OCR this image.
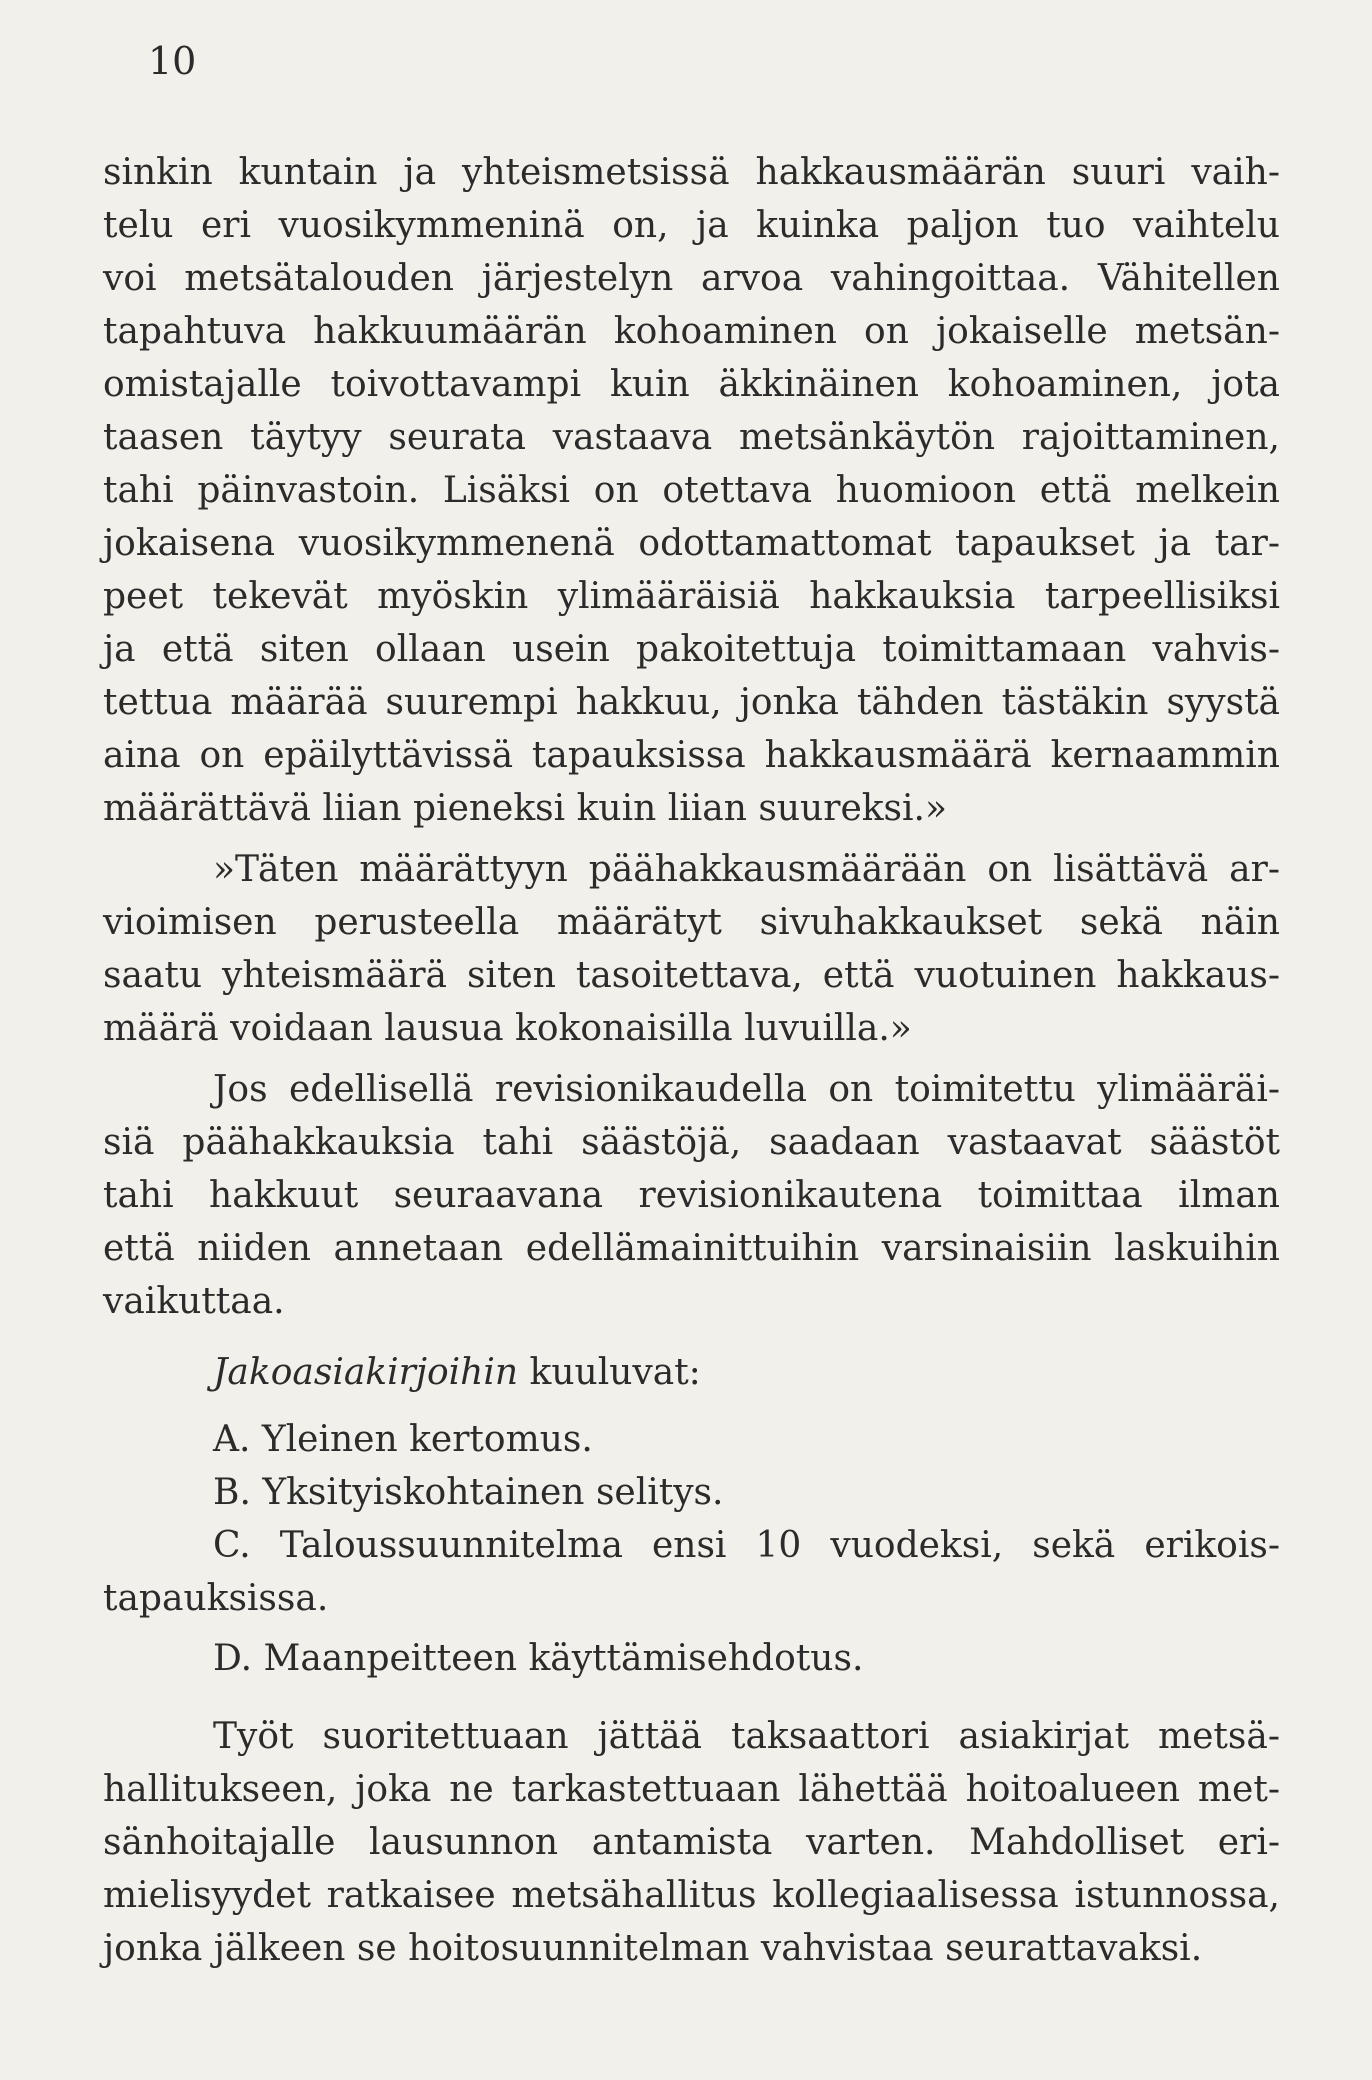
10
sinkin kuntain ja yhteismetsissä hakkausmäärän suuri vaih-
telu eri vuosikymmeninä on, ja kuinka paljon tuo vaihtelu
voi metsätalouden järjestelyn arvoa vahingoittaa. Vähitellen
tapahtuva hakkuumäärän kohoaminen on jokaiselle metsän-
omistajalle toivottavampi kuin äkkinäinen kohoaminen, jota
taasen täytyy seurata vastaava metsänkäytön rajoittaminen,
tahi päinvastoin. Lisäksi on otettava huomioon että melkein
jokaisena vuosikymmenenä odottamattomat tapaukset ja tar-
peet tekevät myöskin ylimääräisiä hakkauksia tarpeellisiksi
ja että siten ollaan usein pakoitettuja toimittamaan vahvis-
tettua määrää suurempi hakkuu, jonka tähden tästäkin syystä
aina on epäilyttävissä tapauksissa hakkausmäärä kernaammin
määrättävä liian pieneksi kuin liian suureksi.»
»Täten määrättyyn päähakkausmäärään on lisättävä ar-
vioimisen perusteella määrätyt sivuhakkaukset sekä näin
saatu yhteismäärä siten tasoitettava, että vuotuinen hakkaus-
määrä voidaan lausua kokonaisilla luvuilla.»
Jos edellisellä revisionikaudella on toimitettu ylimääräi-
siä päähakkauksia tahi säästöjä, saadaan vastaavat säästöt
tahi hakkuut seuraavana revisionikautena toimittaa ilman
että niiden annetaan edellämainittuihin varsinaisiin laskuihin
vaikuttaa.
Jakoasiakirjoihin kuuluvat:
A. Yleinen kertomus.
B. Yksityiskohtainen selitys.
C. Taloussuunnitelma ensi 10 vuodeksi, sekä erikois-
tapauksissa.
D. Maanpeitteen käyttämisehdotus.
Työt suoritettuaan jättää taksaattori asiakirjat metsä-
hallitukseen, joka ne tarkastettuaan lähettää hoitoalueen met-
sänhoitajalle lausunnon antamista varten. Mahdolliset eri-
mielisyydet ratkaisee metsähallitus kollegiaalisessa istunnossa,
jonka jälkeen se hoitosuunnitelman vahvistaa seurattavaksi.
